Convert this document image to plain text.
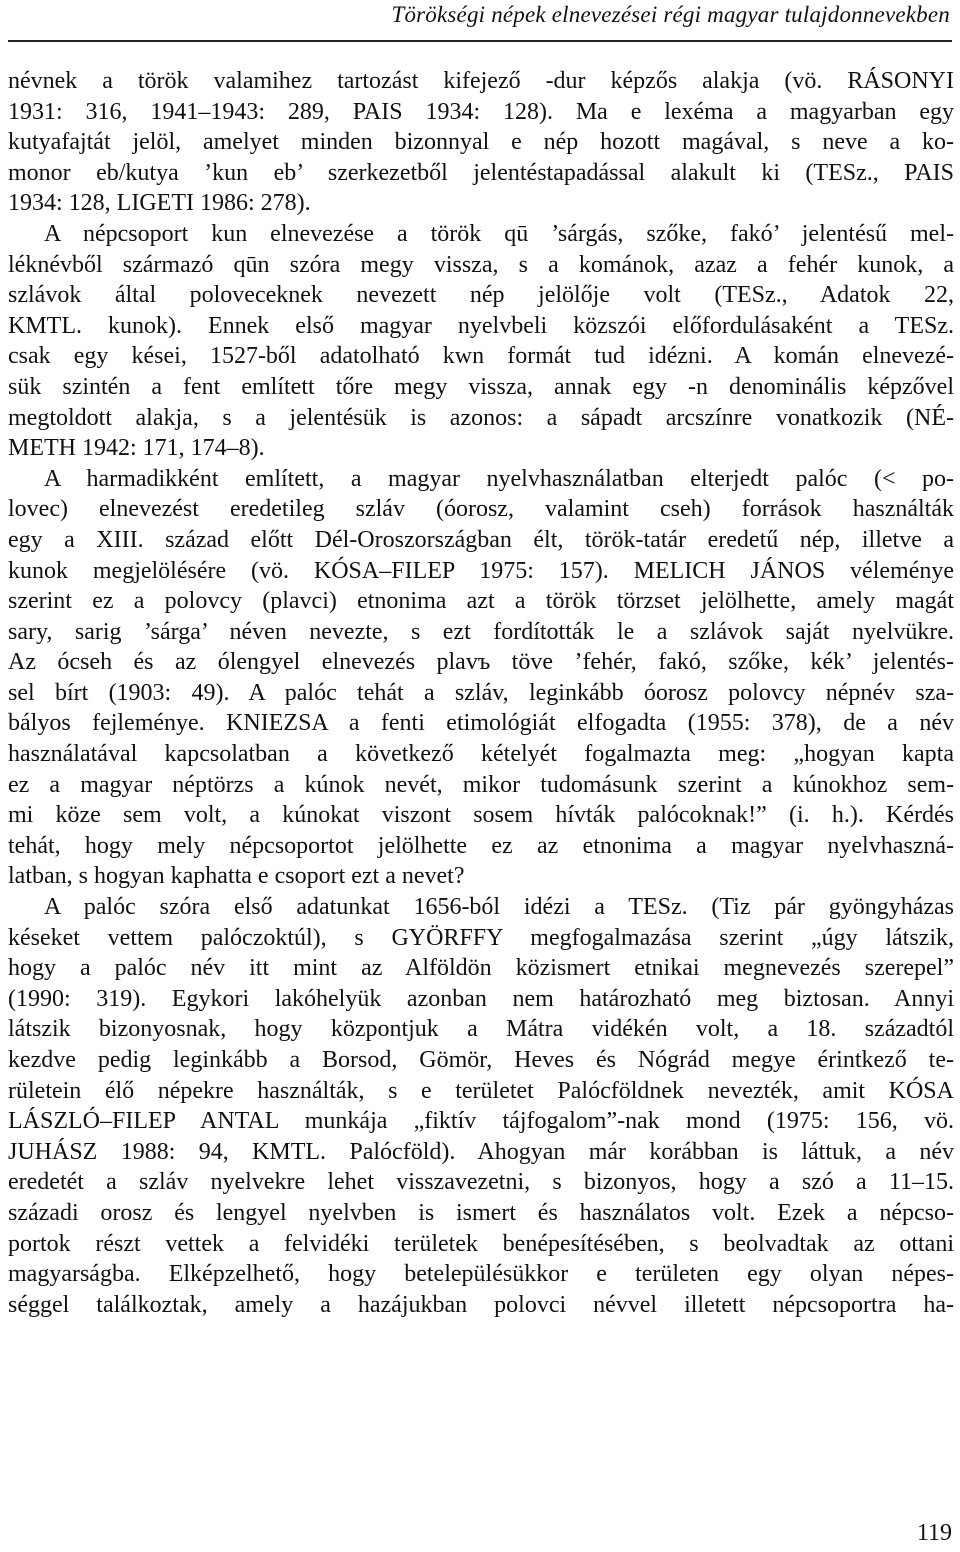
Törökségi népek elnevezései régi magyar tulajdonnevekben

névnek a török valamihez tartozást kifejező -dur képzős alakja (vö. RÁSONYI
1931: 316, 1941–1943: 289, PAIS 1934: 128). Ma e lexéma a magyarban egy
kutyafajtát jelöl, amelyet minden bizonnyal e nép hozott magával, s neve a ko-
monor eb/kutya ’kun eb’ szerkezetből jelentéstapadással alakult ki (TESz., PAIS
1934: 128, LIGETI 1986: 278).

A népcsoport kun elnevezése a török qū ’sárgás, szőke, fakó’ jelentésű mel-
léknévből származó qūn szóra megy vissza, s a kománok, azaz a fehér kunok, a
szlávok által poloveceknek nevezett nép jelölője volt (TESz., Adatok 22,
KMTL. kunok). Ennek első magyar nyelvbeli közszói előfordulásaként a TESz.
csak egy kései, 1527-ből adatolható kwn formát tud idézni. A komán elnevezé-
sük szintén a fent említett tőre megy vissza, annak egy -n denominális képzővel
megtoldott alakja, s a jelentésük is azonos: a sápadt arcszínre vonatkozik (NÉ-
METH 1942: 171, 174–8).

A harmadikként említett, a magyar nyelvhasználatban elterjedt palóc (< po-
lovec) elnevezést eredetileg szláv (óorosz, valamint cseh) források használták
egy a XIII. század előtt Dél-Oroszországban élt, török-tatár eredetű nép, illetve a
kunok megjelölésére (vö. KÓSA–FILEP 1975: 157). MELICH JÁNOS véleménye
szerint ez a polovcy (plavci) etnonima azt a török törzset jelölhette, amely magát
sary, sarig ’sárga’ néven nevezte, s ezt fordították le a szlávok saját nyelvükre.
Az ócseh és az ólengyel elnevezés plavъ töve ’fehér, fakó, szőke, kék’ jelentés-
sel bírt (1903: 49). A palóc tehát a szláv, leginkább óorosz polovcy népnév sza-
bályos fejleménye. KNIEZSA a fenti etimológiát elfogadta (1955: 378), de a név
használatával kapcsolatban a következő kételyét fogalmazta meg: „hogyan kapta
ez a magyar néptörzs a kúnok nevét, mikor tudomásunk szerint a kúnokhoz sem-
mi köze sem volt, a kúnokat viszont sosem hívták palócoknak!” (i. h.). Kérdés
tehát, hogy mely népcsoportot jelölhette ez az etnonima a magyar nyelvhaszná-
latban, s hogyan kaphatta e csoport ezt a nevet?

A palóc szóra első adatunkat 1656-ból idézi a TESz. (Tiz pár gyöngyházas
késeket vettem palóczoktúl), s GYÖRFFY megfogalmazása szerint „úgy látszik,
hogy a palóc név itt mint az Alföldön közismert etnikai megnevezés szerepel”
(1990: 319). Egykori lakóhelyük azonban nem határozható meg biztosan. Annyi
látszik bizonyosnak, hogy központjuk a Mátra vidékén volt, a 18. századtól
kezdve pedig leginkább a Borsod, Gömör, Heves és Nógrád megye érintkező te-
rületein élő népekre használták, s e területet Palócföldnek nevezték, amit KÓSA
LÁSZLÓ–FILEP ANTAL munkája „fiktív tájfogalom”-nak mond (1975: 156, vö.
JUHÁSZ 1988: 94, KMTL. Palócföld). Ahogyan már korábban is láttuk, a név
eredetét a szláv nyelvekre lehet visszavezetni, s bizonyos, hogy a szó a 11–15.
századi orosz és lengyel nyelvben is ismert és használatos volt. Ezek a népcso-
portok részt vettek a felvidéki területek benépesítésében, s beolvadtak az ottani
magyarságba. Elképzelhető, hogy betelepülésükkor e területen egy olyan népes-
séggel találkoztak, amely a hazájukban polovci névvel illetett népcsoportra ha-

119
